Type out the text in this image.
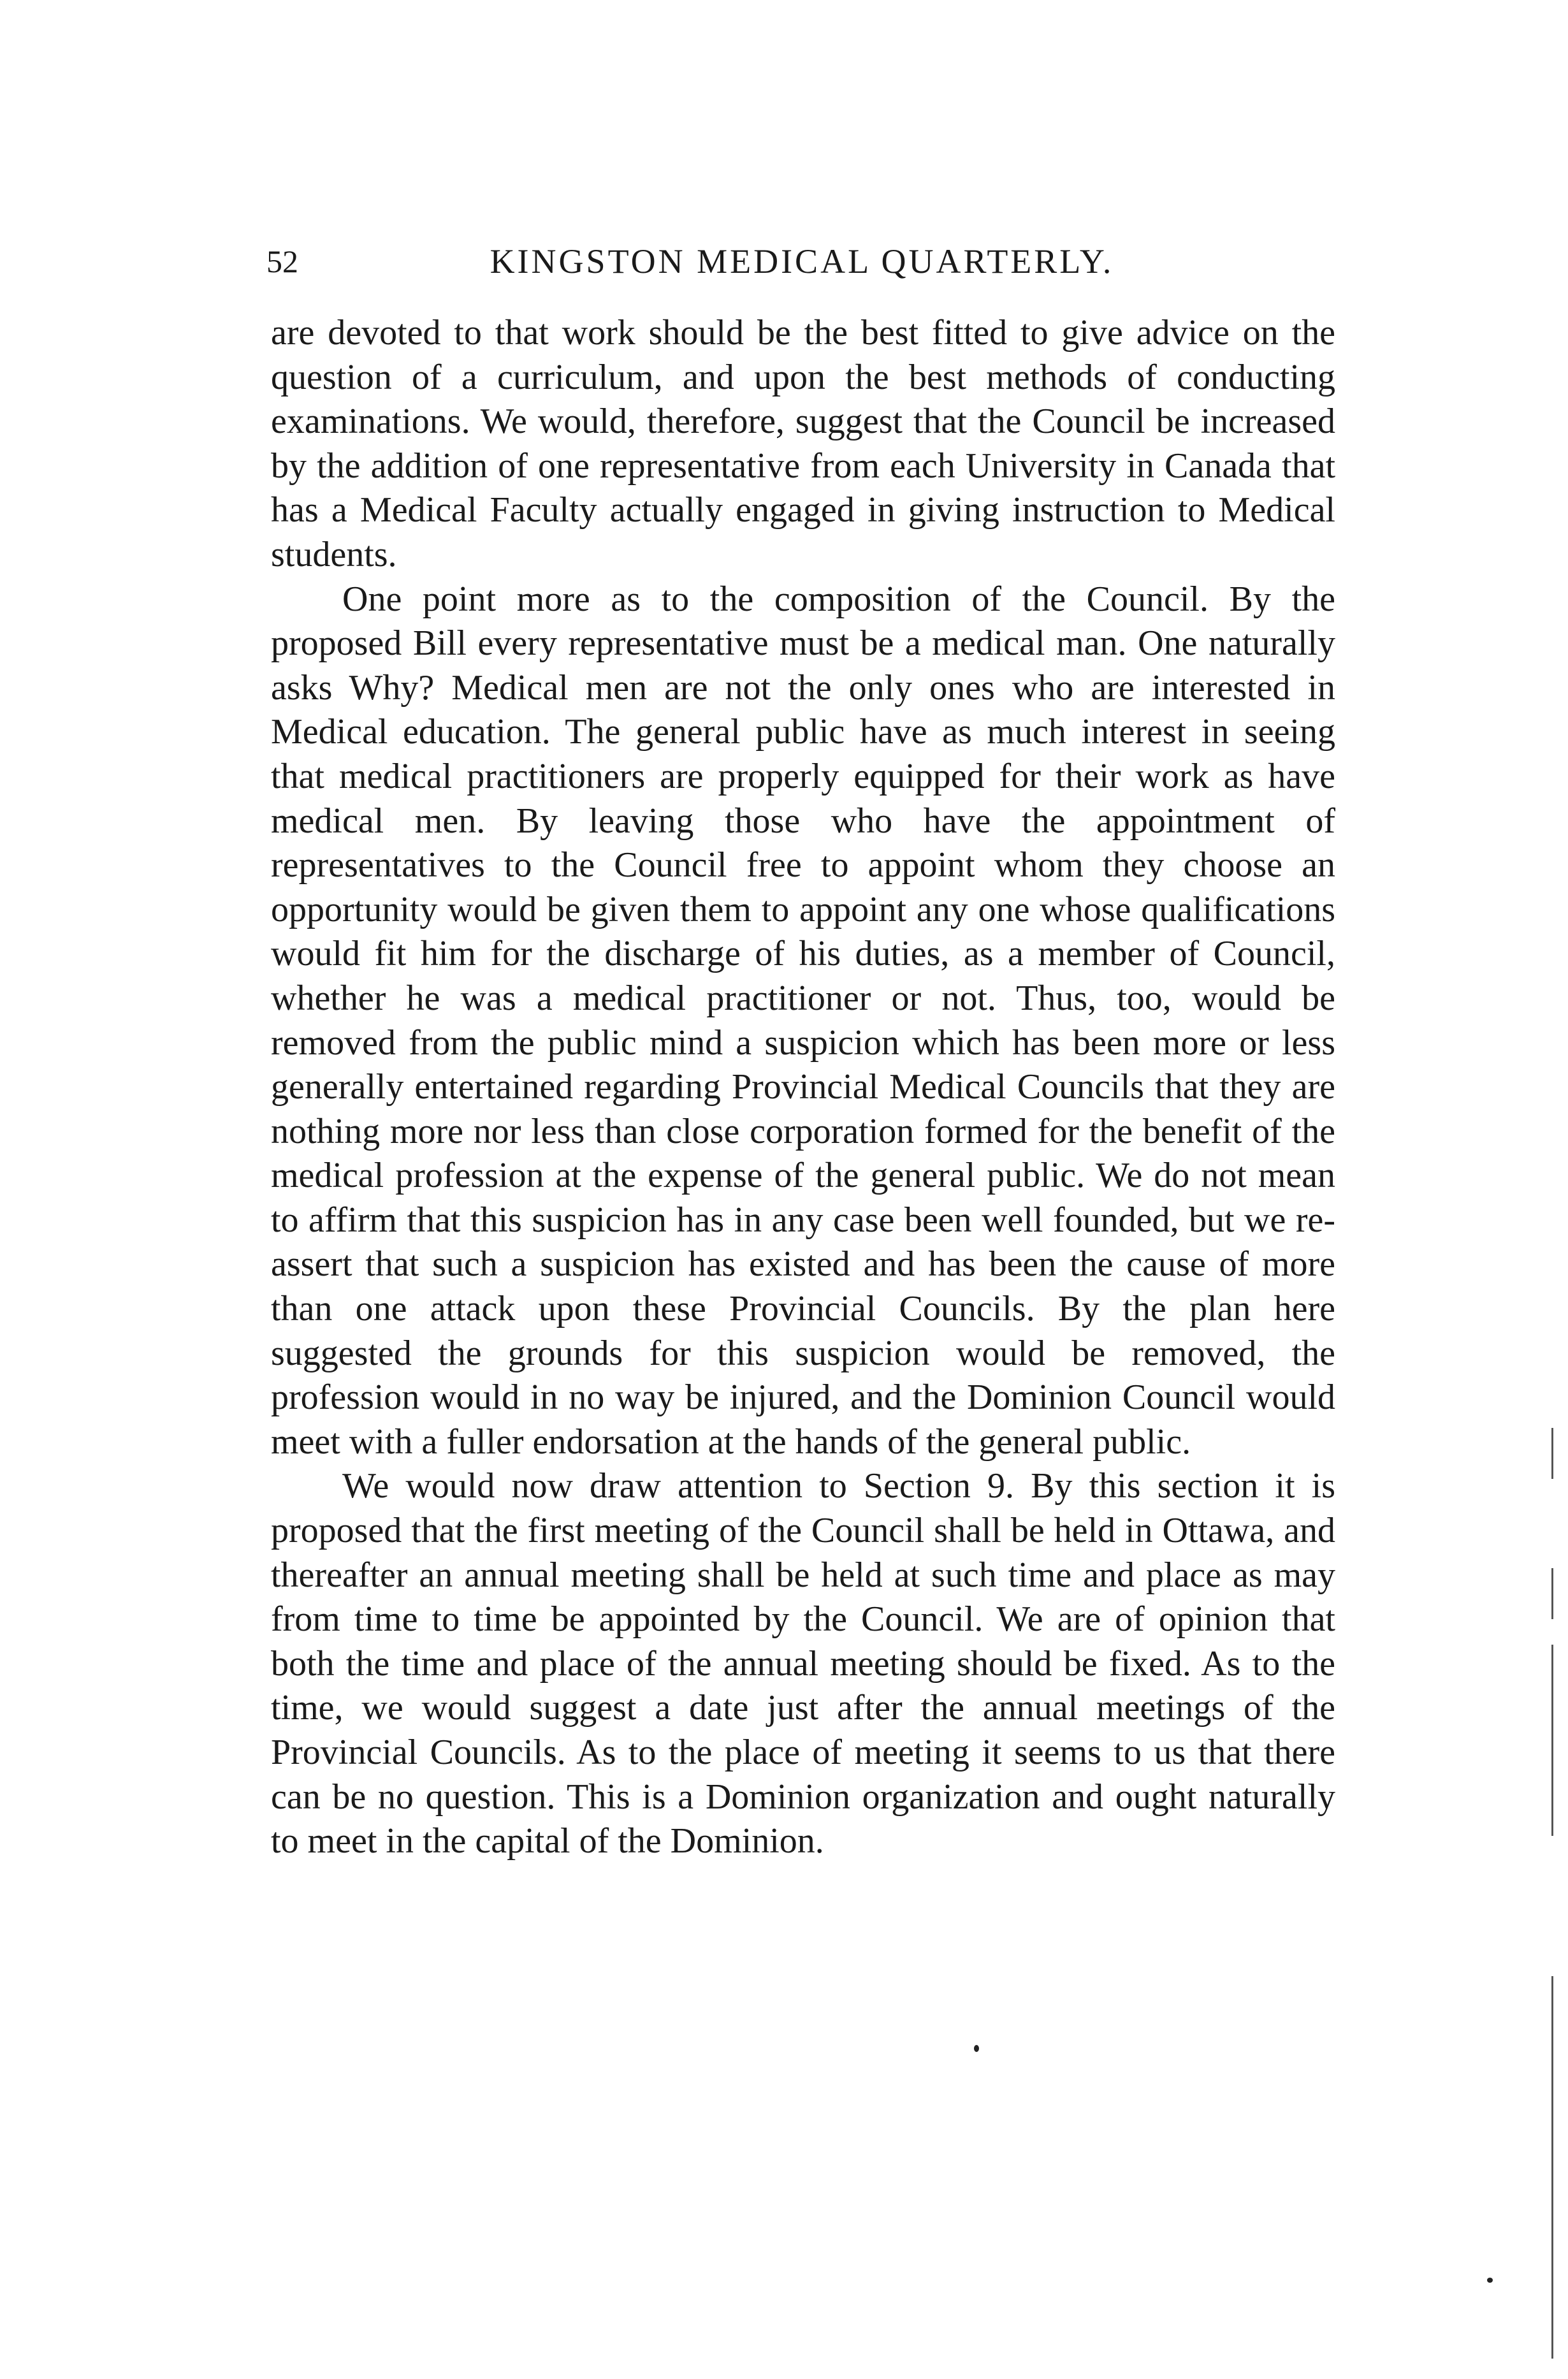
52	KINGSTON MEDICAL QUARTERLY.

are devoted to that work should be the best fitted to give advice on the question of a curriculum, and upon the best methods of conducting examinations. We would, therefore, suggest that the Council be increased by the addition of one representative from each University in Canada that has a Medical Faculty actually engaged in giving instruction to Medical students.

One point more as to the composition of the Council. By the proposed Bill every representative must be a medical man. One naturally asks Why? Medical men are not the only ones who are interested in Medical education. The general public have as much interest in seeing that medical practitioners are properly equipped for their work as have medical men. By leaving those who have the appointment of representatives to the Council free to appoint whom they choose an opportunity would be given them to appoint any one whose qualifications would fit him for the discharge of his duties, as a member of Council, whether he was a medical practitioner or not. Thus, too, would be removed from the public mind a suspicion which has been more or less generally entertained regarding Provincial Medical Councils that they are nothing more nor less than close corporation formed for the benefit of the medical profession at the expense of the general public. We do not mean to affirm that this suspicion has in any case been well founded, but we re-assert that such a suspicion has existed and has been the cause of more than one attack upon these Provincial Councils. By the plan here suggested the grounds for this suspicion would be removed, the profession would in no way be injured, and the Dominion Council would meet with a fuller endorsation at the hands of the general public.

We would now draw attention to Section 9. By this section it is proposed that the first meeting of the Council shall be held in Ottawa, and thereafter an annual meeting shall be held at such time and place as may from time to time be appointed by the Council. We are of opinion that both the time and place of the annual meeting should be fixed. As to the time, we would suggest a date just after the annual meetings of the Provincial Councils. As to the place of meeting it seems to us that there can be no question. This is a Dominion organization and ought naturally to meet in the capital of the Dominion.
